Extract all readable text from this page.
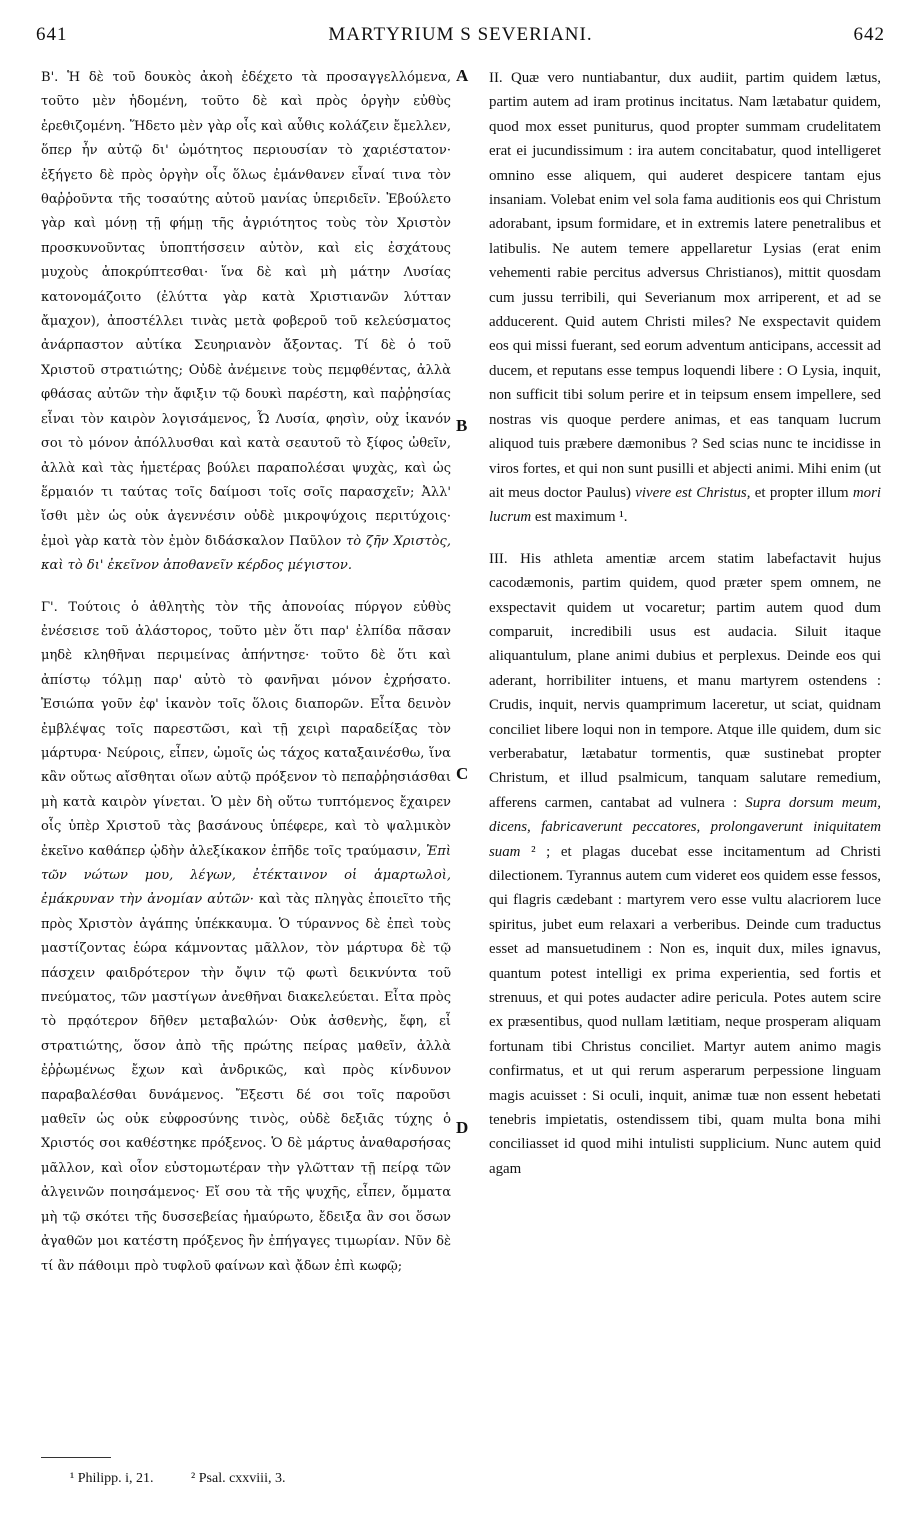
641	MARTYRIUM S SEVERIANI.	642

Β'. Ἡ δὲ τοῦ δουκὸς ἀκοὴ ἐδέχετο τὰ προσαγγελλόμενα, τοῦτο μὲν ἡδομένη, τοῦτο δὲ καὶ πρὸς ὀργὴν εὐθὺς ἐρεθιζομένη. Ἥδετο μὲν γὰρ οἷς καὶ αὖθις κολάζειν ἔμελλεν, ὅπερ ἦν αὐτῷ δι' ὠμότητος περιουσίαν τὸ χαριέστατον· ἐξήγετο δὲ πρὸς ὀργὴν οἷς ὅλως ἐμάνθανεν εἶναί τινα τὸν θαῤῥοῦντα τῆς τοσαύτης αὐτοῦ μανίας ὑπεριδεῖν. Ἐβούλετο γὰρ καὶ μόνῃ τῇ φήμῃ τῆς ἀγριότητος τοὺς τὸν Χριστὸν προσκυνοῦντας ὑποπτήσσειν αὐτὸν, καὶ εἰς ἐσχάτους μυχοὺς ἀποκρύπτεσθαι· ἵνα δὲ καὶ μὴ μάτην Λυσίας κατονομάζοιτο (ἐλύττα γὰρ κατὰ Χριστιανῶν λύτταν ἄμαχον), ἀποστέλλει τινὰς μετὰ φοβεροῦ τοῦ κελεύσματος ἀνάρπαστον αὐτίκα Σευηριανὸν ἄξοντας. Τί δὲ ὁ τοῦ Χριστοῦ στρατιώτης; Οὐδὲ ἀνέμεινε τοὺς πεμφθέντας, ἀλλὰ φθάσας αὐτῶν τὴν ἄφιξιν τῷ δουκὶ παρέστη, καὶ παῤῥησίας εἶναι τὸν καιρὸν λογισάμενος, Ὦ Λυσία, φησὶν, οὐχ ἱκανόν σοι τὸ μόνον ἀπόλλυσθαι καὶ κατὰ σεαυτοῦ τὸ ξίφος ὠθεῖν, ἀλλὰ καὶ τὰς ἡμετέρας βούλει παραπολέσαι ψυχὰς, καὶ ὡς ἕρμαιόν τι ταύτας τοῖς δαίμοσι τοῖς σοῖς παρασχεῖν; Ἀλλ' ἴσθι μὲν ὡς οὐκ ἀγεννέσιν οὐδὲ μικροψύχοις περιτύχοις· ἐμοὶ γὰρ κατὰ τὸν ἐμὸν διδάσκαλον Παῦλον τὸ ζῆν Χριστὸς, καὶ τὸ δι' ἐκεῖνον ἀποθανεῖν κέρδος μέγιστον.

Γ'. Τούτοις ὁ ἀθλητὴς τὸν τῆς ἀπονοίας πύργον εὐθὺς ἐνέσεισε τοῦ ἀλάστορος, τοῦτο μὲν ὅτι παρ' ἐλπίδα πᾶσαν μηδὲ κληθῆναι περιμείνας ἀπήντησε· τοῦτο δὲ ὅτι καὶ ἀπίστῳ τόλμῃ παρ' αὐτὸ τὸ φανῆναι μόνον ἐχρήσατο. Ἐσιώπα γοῦν ἐφ' ἱκανὸν τοῖς ὅλοις διαπορῶν. Εἶτα δεινὸν ἐμβλέψας τοῖς παρεστῶσι, καὶ τῇ χειρὶ παραδείξας τὸν μάρτυρα· Νεύροις, εἶπεν, ὠμοῖς ὡς τάχος καταξαινέσθω, ἵνα κἂν οὕτως αἴσθηται οἵων αὐτῷ πρόξενον τὸ πεπαῤῥησιάσθαι μὴ κατὰ καιρὸν γίνεται. Ὁ μὲν δὴ οὕτω τυπτόμενος ἔχαιρεν οἷς ὑπὲρ Χριστοῦ τὰς βασάνους ὑπέφερε, καὶ τὸ ψαλμικὸν ἐκεῖνο καθάπερ ᾠδὴν ἀλεξίκακον ἐπῆδε τοῖς τραύμασιν, Ἐπὶ τῶν νώτων μου, λέγων, ἐτέκταινον οἱ ἁμαρτωλοὶ, ἐμάκρυναν τὴν ἀνομίαν αὐτῶν· καὶ τὰς πληγὰς ἐποιεῖτο τῆς πρὸς Χριστὸν ἀγάπης ὑπέκκαυμα. Ὁ τύραννος δὲ ἐπεὶ τοὺς μαστίζοντας ἑώρα κάμνοντας μᾶλλον, τὸν μάρτυρα δὲ τῷ πάσχειν φαιδρότερον τὴν ὄψιν τῷ φωτὶ δεικνύντα τοῦ πνεύματος, τῶν μαστίγων ἀνεθῆναι διακελεύεται. Εἶτα πρὸς τὸ πρᾳότερον δῆθεν μεταβαλών· Οὐκ ἀσθενὴς, ἔφη, εἶ στρατιώτης, ὅσον ἀπὸ τῆς πρώτης πείρας μαθεῖν, ἀλλὰ ἐῤῥωμένως ἔχων καὶ ἀνδρικῶς, καὶ πρὸς κίνδυνον παραβαλέσθαι δυνάμενος. Ἔξεστι δέ σοι τοῖς παροῦσι μαθεῖν ὡς οὐκ εὐφροσύνης τινὸς, οὐδὲ δεξιᾶς τύχης ὁ Χριστός σοι καθέστηκε πρόξενος. Ὁ δὲ μάρτυς ἀναθαρσήσας μᾶλλον, καὶ οἷον εὐστομωτέραν τὴν γλῶτταν τῇ πείρᾳ τῶν ἀλγεινῶν ποιησάμενος· Εἴ σου τὰ τῆς ψυχῆς, εἶπεν, ὄμματα μὴ τῷ σκότει τῆς δυσσεβείας ἠμαύρωτο, ἔδειξα ἂν σοι ὅσων ἀγαθῶν μοι κατέστη πρόξενος ἣν ἐπήγαγες τιμωρίαν. Νῦν δὲ τί ἂν πάθοιμι πρὸ τυφλοῦ φαίνων καὶ ᾄδων ἐπὶ κωφῷ;

A
B
C
D

II. Quæ vero nuntiabantur, dux audiit, partim quidem lætus, partim autem ad iram protinus incitatus. Nam lætabatur quidem, quod mox esset puniturus, quod propter summam crudelitatem erat ei jucundissimum : ira autem concitabatur, quod intelligeret omnino esse aliquem, qui auderet despicere tantam ejus insaniam. Volebat enim vel sola fama auditionis eos qui Christum adorabant, ipsum formidare, et in extremis latere penetralibus et latibulis. Ne autem temere appellaretur Lysias (erat enim vehementi rabie percitus adversus Christianos), mittit quosdam cum jussu terribili, qui Severianum mox arriperent, et ad se adducerent. Quid autem Christi miles? Ne exspectavit quidem eos qui missi fuerant, sed eorum adventum anticipans, accessit ad ducem, et reputans esse tempus loquendi libere : O Lysia, inquit, non sufficit tibi solum perire et in teipsum ensem impellere, sed nostras vis quoque perdere animas, et eas tanquam lucrum aliquod tuis præbere dæmonibus ? Sed scias nunc te incidisse in viros fortes, et qui non sunt pusilli et abjecti animi. Mihi enim (ut ait meus doctor Paulus) vivere est Christus, et propter illum mori lucrum est maximum ¹.

III. His athleta amentiæ arcem statim labefactavit hujus cacodæmonis, partim quidem, quod præter spem omnem, ne exspectavit quidem ut vocaretur; partim autem quod dum comparuit, incredibili usus est audacia. Siluit itaque aliquantulum, plane animi dubius et perplexus. Deinde eos qui aderant, horribiliter intuens, et manu martyrem ostendens : Crudis, inquit, nervis quamprimum laceretur, ut sciat, quidnam conciliet libere loqui non in tempore. Atque ille quidem, dum sic verberabatur, lætabatur tormentis, quæ sustinebat propter Christum, et illud psalmicum, tanquam salutare remedium, afferens carmen, cantabat ad vulnera : Supra dorsum meum, dicens, fabricaverunt peccatores, prolongaverunt iniquitatem suam ² ; et plagas ducebat esse incitamentum ad Christi dilectionem. Tyrannus autem cum videret eos quidem esse fessos, qui flagris cædebant : martyrem vero esse vultu alacriorem luce spiritus, jubet eum relaxari a verberibus. Deinde cum traductus esset ad mansuetudinem : Non es, inquit dux, miles ignavus, quantum potest intelligi ex prima experientia, sed fortis et strenuus, et qui potes audacter adire pericula. Potes autem scire ex præsentibus, quod nullam lætitiam, neque prosperam aliquam fortunam tibi Christus conciliet. Martyr autem animo magis confirmatus, et ut qui rerum asperarum perpessione linguam magis acuisset : Si oculi, inquit, animæ tuæ non essent hebetati tenebris impietatis, ostendissem tibi, quam multa bona mihi conciliasset id quod mihi intulisti supplicium. Nunc autem quid agam

¹ Philipp. i, 21.	² Psal. cxxviii, 3.
